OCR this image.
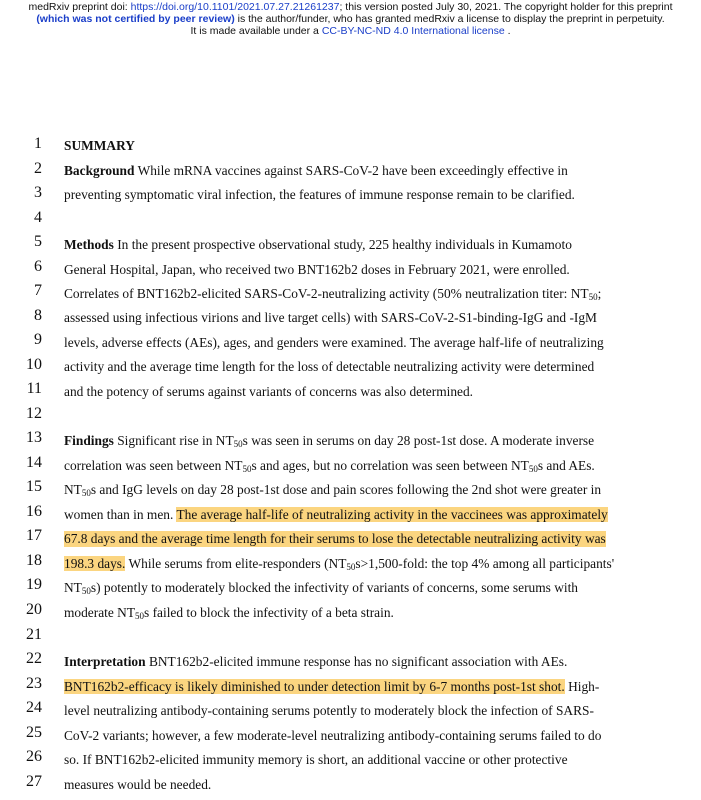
medRxiv preprint doi: https://doi.org/10.1101/2021.07.27.21261237; this version posted July 30, 2021. The copyright holder for this preprint
(which was not certified by peer review) is the author/funder, who has granted medRxiv a license to display the preprint in perpetuity.
It is made available under a CC-BY-NC-ND 4.0 International license .
1 SUMMARY
2 Background While mRNA vaccines against SARS-CoV-2 have been exceedingly effective in
3 preventing symptomatic viral infection, the features of immune response remain to be clarified.
4
5 Methods In the present prospective observational study, 225 healthy individuals in Kumamoto
6 General Hospital, Japan, who received two BNT162b2 doses in February 2021, were enrolled.
7 Correlates of BNT162b2-elicited SARS-CoV-2-neutralizing activity (50% neutralization titer: $NT_{50}$;
8 assessed using infectious virions and live target cells) with SARS-CoV-2-S1-binding-IgG and -IgM
9 levels, adverse effects (AEs), ages, and genders were examined. The average half-life of neutralizing
10 activity and the average time length for the loss of detectable neutralizing activity were determined
11 and the potency of serums against variants of concerns was also determined.
12
13 Findings Significant rise in $NT_{50}s$ was seen in serums on day 28 post-1st dose. A moderate inverse
14 correlation was seen between $NT_{50}s$ and ages, but no correlation was seen between $NT_{50}s$ and AEs.
15 $NT_{50}s$ and IgG levels on day 28 post-1st dose and pain scores following the 2nd shot were greater in
16 women than in men. The average half-life of neutralizing activity in the vaccinees was approximately
17 67.8 days and the average time length for their serums to lose the detectable neutralizing activity was
18 198.3 days. While serums from elite-responders ($NT_{50}s>1,500$-fold: the top 4% among all participants'
19 $NT_{50}s$) potently to moderately blocked the infectivity of variants of concerns, some serums with
20 moderate $NT_{50}s$ failed to block the infectivity of a beta strain.
21
22 Interpretation BNT162b2-elicited immune response has no significant association with AEs.
23 BNT162b2-efficacy is likely diminished to under detection limit by 6-7 months post-1st shot. High-
24 level neutralizing antibody-containing serums potently to moderately block the infection of SARS-
25 CoV-2 variants; however, a few moderate-level neutralizing antibody-containing serums failed to do
26 so. If BNT162b2-elicited immunity memory is short, an additional vaccine or other protective
27 measures would be needed.
